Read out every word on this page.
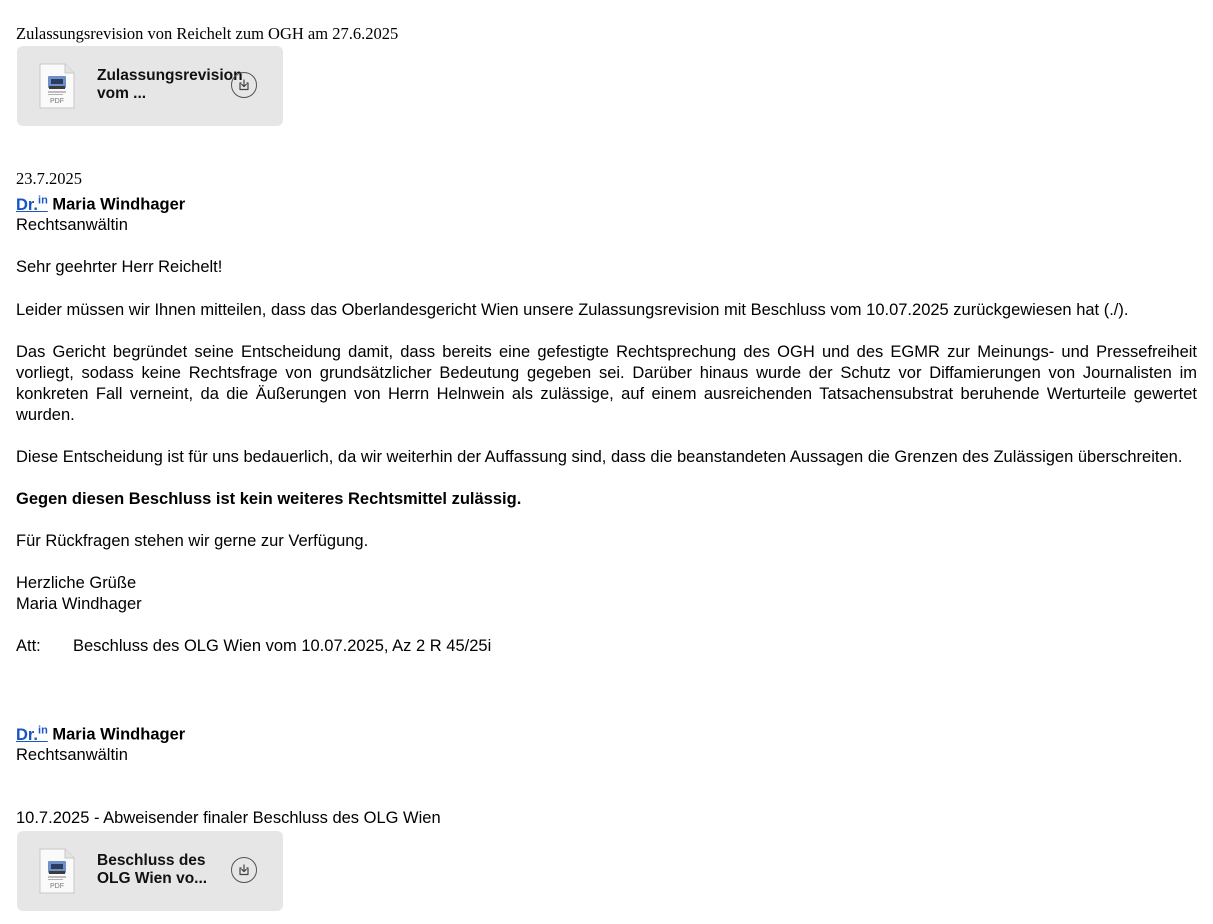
Zulassungsrevision von Reichelt zum OGH am 27.6.2025
PDF
Zulassungsrevision vom ...
23.7.2025
Dr.$^{in}$ Maria Windhager
Rechtsanwältin
Sehr geehrter Herr Reichelt!

Leider müssen wir Ihnen mitteilen, dass das Oberlandesgericht Wien unsere Zulassungsrevision mit Beschluss vom 10.07.2025 zurückgewiesen hat (./).

Das Gericht begründet seine Entscheidung damit, dass bereits eine gefestigte Rechtsprechung des OGH und des EGMR zur Meinungs- und Pressefreiheit vorliegt, sodass keine Rechtsfrage von grundsätzlicher Bedeutung gegeben sei. Darüber hinaus wurde der Schutz vor Diffamierungen von Journalisten im konkreten Fall verneint, da die Äußerungen von Herrn Helnwein als zulässige, auf einem ausreichenden Tatsachensubstrat beruhende Werturteile gewertet wurden.

Diese Entscheidung ist für uns bedauerlich, da wir weiterhin der Auffassung sind, dass die beanstandeten Aussagen die Grenzen des Zulässigen überschreiten.

Gegen diesen Beschluss ist kein weiteres Rechtsmittel zulässig.

Für Rückfragen stehen wir gerne zur Verfügung.

Herzliche Grüße

Maria Windhager

Att: Beschluss des OLG Wien vom 10.07.2025, Az 2 R 45/25i

Dr.$^{in}$ Maria Windhager
Rechtsanwältin
10.7.2025 - Abweisender finaler Beschluss des OLG Wien
PDF
Beschluss des OLG Wien vo...
